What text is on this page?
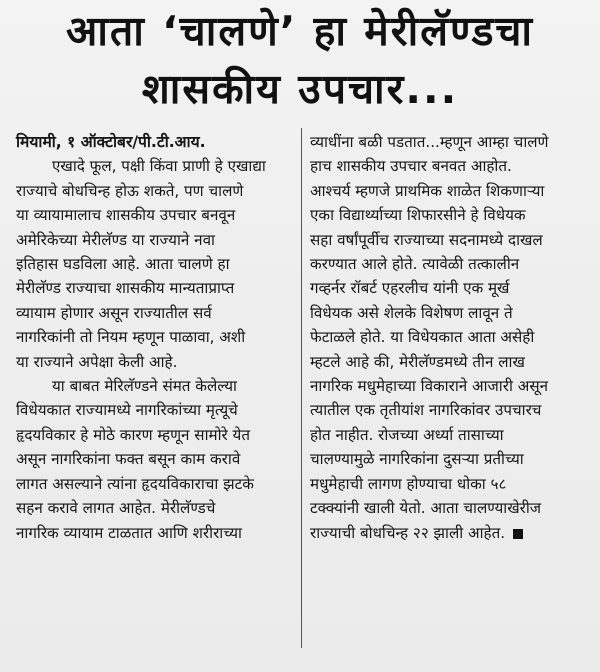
आता ‘चालणे’ हा मेरीलॅण्डचा
शासकीय उपचार...

मियामी, १ ऑक्टोबर/पी.टी.आय.

एखादे फूल, पक्षी किंवा प्राणी हे एखाद्या
राज्याचे बोधचिन्ह होऊ शकते, पण चालणे
या व्यायामालाच शासकीय उपचार बनवून
अमेरिकेच्या मेरीलॅण्ड या राज्याने नवा
इतिहास घडविला आहे. आता चालणे हा
मेरीलॅण्ड राज्याचा शासकीय मान्यताप्राप्त
व्यायाम होणार असून राज्यातील सर्व
नागरिकांनी तो नियम म्हणून पाळावा, अशी
या राज्याने अपेक्षा केली आहे.

या बाबत मेरिलॅण्डने संमत केलेल्या
विधेयकात राज्यामध्ये नागरिकांच्या मृत्यूचे
हृदयविकार हे मोठे कारण म्हणून सामोरे येत
असून नागरिकांना फक्त बसून काम करावे
लागत असल्याने त्यांना हृदयविकाराचा झटके
सहन करावे लागत आहेत. मेरीलॅण्डचे
नागरिक व्यायाम टाळतात आणि शरीराच्या

व्याधींना बळी पडतात...म्हणून आम्हा चालणे
हाच शासकीय उपचार बनवत आहोत.
आश्चर्य म्हणजे प्राथमिक शाळेत शिकणाऱ्या
एका विद्यार्थ्याच्या शिफारसीने हे विधेयक
सहा वर्षांपूर्वीच राज्याच्या सदनामध्ये दाखल
करण्यात आले होते. त्यावेळी तत्कालीन
गव्हर्नर रॉबर्ट एहरलीच यांनी एक मूर्ख
विधेयक असे शेलके विशेषण लावून ते
फेटाळले होते. या विधेयकात आता असेही
म्हटले आहे की, मेरीलॅण्डमध्ये तीन लाख
नागरिक मधुमेहाच्या विकाराने आजारी असून
त्यातील एक तृतीयांश नागरिकांवर उपचारच
होत नाहीत. रोजच्या अर्ध्या तासाच्या
चालण्यामुळे नागरिकांना दुसऱ्या प्रतीच्या
मधुमेहाची लागण होण्याचा धोका ५८
टक्क्यांनी खाली येतो. आता चालण्याखेरीज
राज्याची बोधचिन्ह २२ झाली आहेत.
